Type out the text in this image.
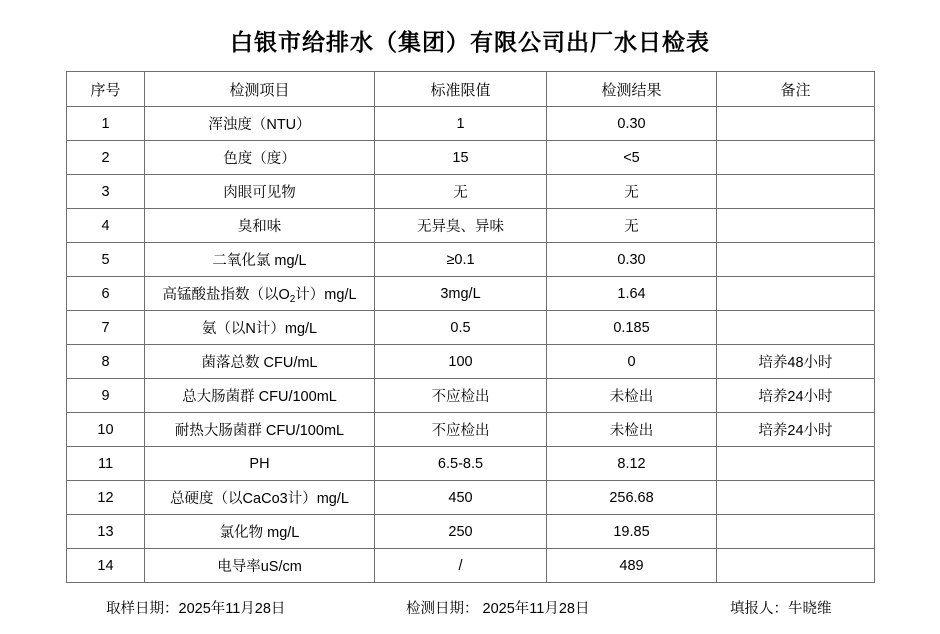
白银市给排水（集团）有限公司出厂水日检表
序号	检测项目	标准限值	检测结果	备注
1	浑浊度（NTU）	1	0.30	
2	色度（度）	15	<5	
3	肉眼可见物	无	无	
4	臭和味	无异臭、异味	无	
5	二氧化氯 mg/L	≥0.1	0.30	
6	高锰酸盐指数（以$O_2$计）mg/L	3mg/L	1.64	
7	氨（以N计）mg/L	0.5	0.185	
8	菌落总数 CFU/mL	100	0	培养48小时
9	总大肠菌群 CFU/100mL	不应检出	未检出	培养24小时
10	耐热大肠菌群 CFU/100mL	不应检出	未检出	培养24小时
11	PH	6.5-8.5	8.12	
12	总硬度（以CaCo3计）mg/L	450	256.68	
13	氯化物 mg/L	250	19.85	
14	电导率uS/cm	/	489	
取样日期：2025年11月28日	检测日期： 2025年11月28日	填报人：牛晓维
